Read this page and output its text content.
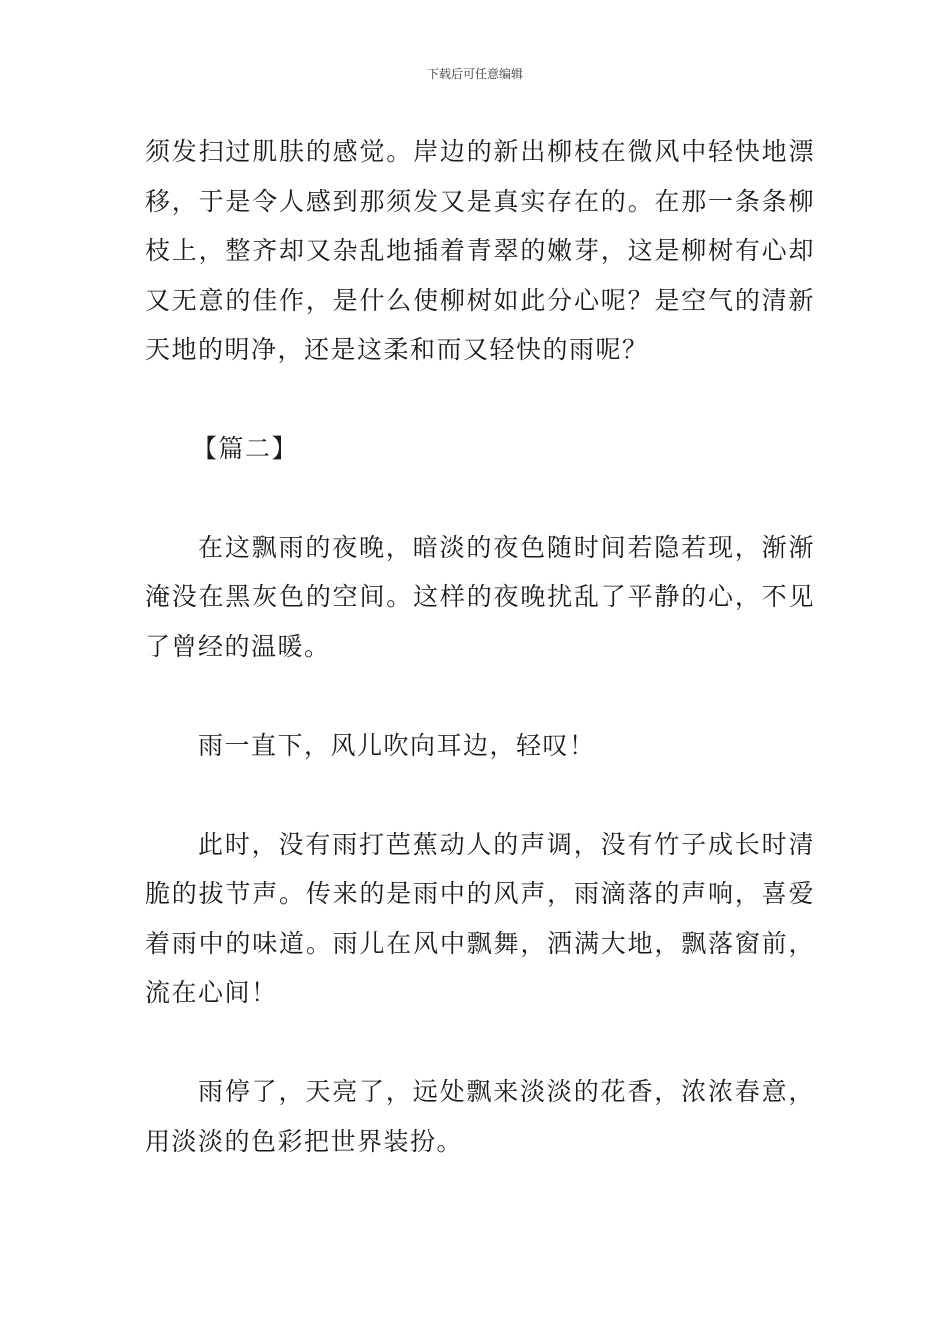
下载后可任意编辑

须发扫过肌肤的感觉。岸边的新出柳枝在微风中轻快地漂移，于是令人感到那须发又是真实存在的。在那一条条柳枝上，整齐却又杂乱地插着青翠的嫩芽，这是柳树有心却又无意的佳作，是什么使柳树如此分心呢？是空气的清新天地的明净，还是这柔和而又轻快的雨呢？

【篇二】

在这飘雨的夜晚，暗淡的夜色随时间若隐若现，渐渐淹没在黑灰色的空间。这样的夜晚扰乱了平静的心，不见了曾经的温暖。

雨一直下，风儿吹向耳边，轻叹！

此时，没有雨打芭蕉动人的声调，没有竹子成长时清脆的拔节声。传来的是雨中的风声，雨滴落的声响，喜爱着雨中的味道。雨儿在风中飘舞，洒满大地，飘落窗前，流在心间！

雨停了，天亮了，远处飘来淡淡的花香，浓浓春意，用淡淡的色彩把世界装扮。
